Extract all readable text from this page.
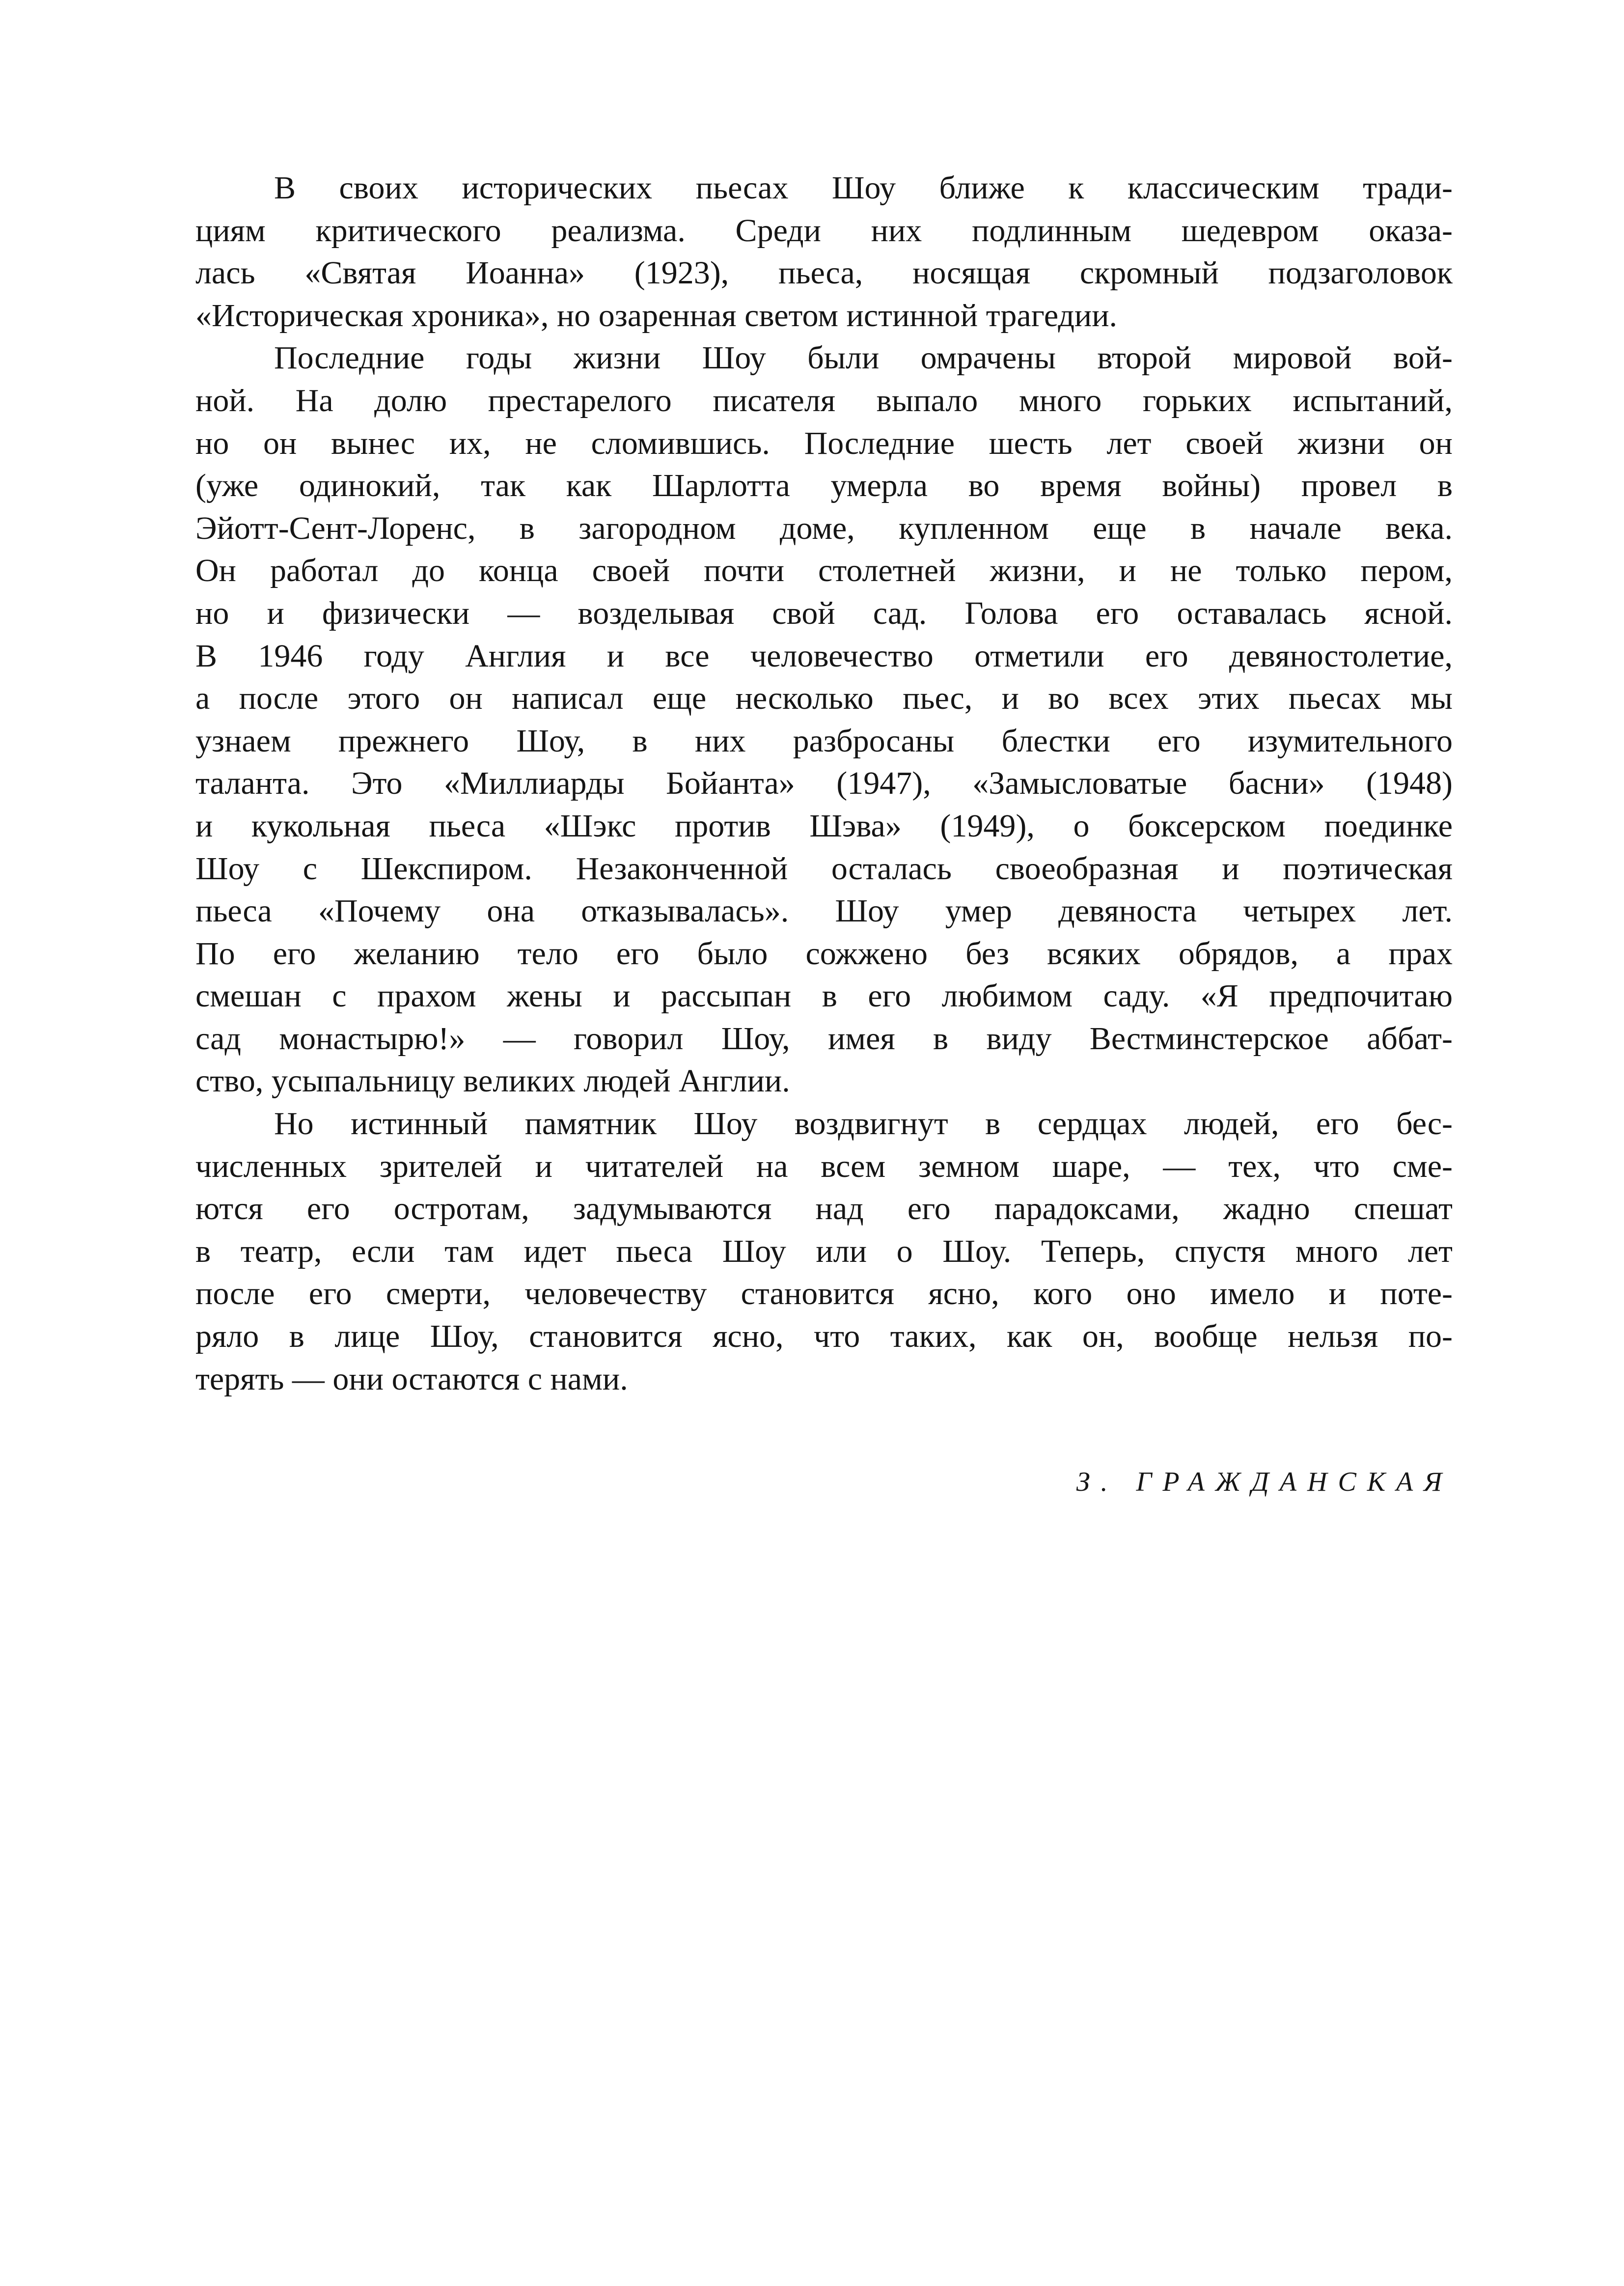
В своих исторических пьесах Шоу ближе к классическим тради-
циям критического реализма. Среди них подлинным шедевром оказа-
лась «Святая Иоанна» (1923), пьеса, носящая скромный подзаголовок
«Историческая хроника», но озаренная светом истинной трагедии.
Последние годы жизни Шоу были омрачены второй мировой вой-
ной. На долю престарелого писателя выпало много горьких испытаний,
но он вынес их, не сломившись. Последние шесть лет своей жизни он
(уже одинокий, так как Шарлотта умерла во время войны) провел в
Эйотт-Сент-Лоренс, в загородном доме, купленном еще в начале века.
Он работал до конца своей почти столетней жизни, и не только пером,
но и физически — возделывая свой сад. Голова его оставалась ясной.
В 1946 году Англия и все человечество отметили его девяностолетие,
а после этого он написал еще несколько пьес, и во всех этих пьесах мы
узнаем прежнего Шоу, в них разбросаны блестки его изумительного
таланта. Это «Миллиарды Бойанта» (1947), «Замысловатые басни» (1948)
и кукольная пьеса «Шэкс против Шэва» (1949), о боксерском поединке
Шоу с Шекспиром. Незаконченной осталась своеобразная и поэтическая
пьеса «Почему она отказывалась». Шоу умер девяноста четырех лет.
По его желанию тело его было сожжено без всяких обрядов, а прах
смешан с прахом жены и рассыпан в его любимом саду. «Я предпочитаю
сад монастырю!» — говорил Шоу, имея в виду Вестминстерское аббат-
ство, усыпальницу великих людей Англии.
Но истинный памятник Шоу воздвигнут в сердцах людей, его бес-
численных зрителей и читателей на всем земном шаре, — тех, что сме-
ются его остротам, задумываются над его парадоксами, жадно спешат
в театр, если там идет пьеса Шоу или о Шоу. Теперь, спустя много лет
после его смерти, человечеству становится ясно, кого оно имело и поте-
ряло в лице Шоу, становится ясно, что таких, как он, вообще нельзя по-
терять — они остаются с нами.

З. ГРАЖДАНСКАЯ
